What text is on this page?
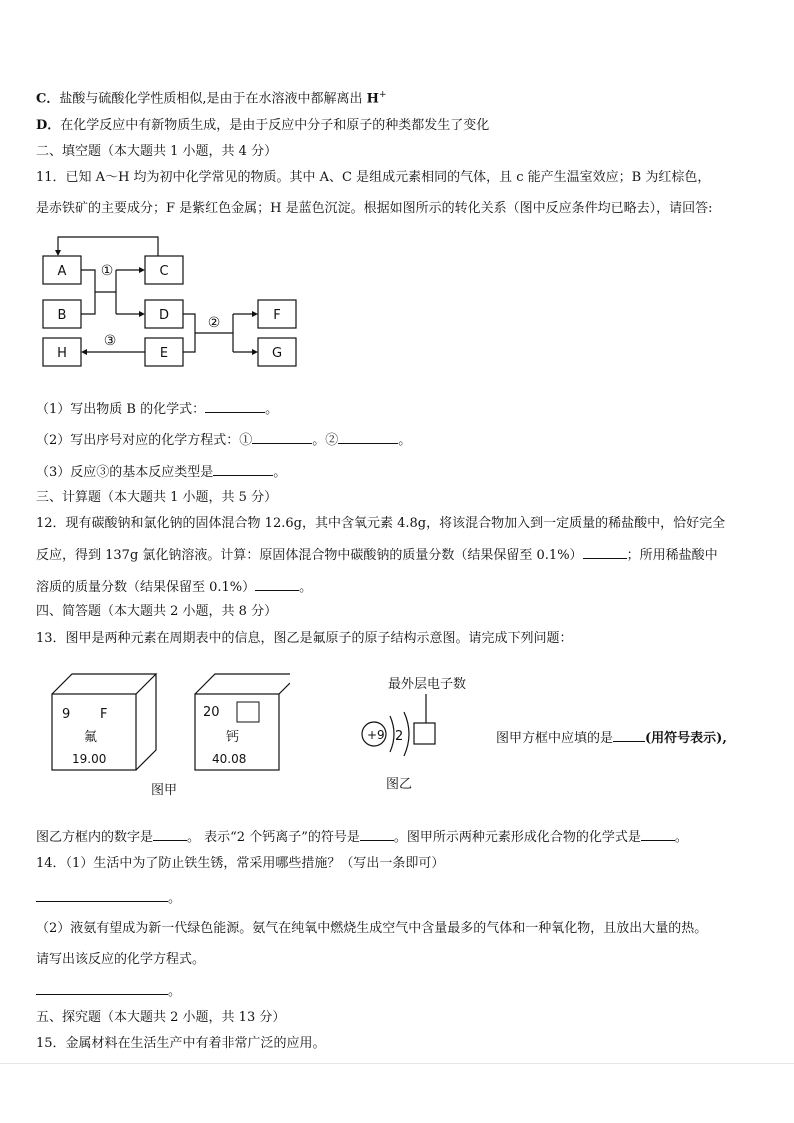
C．盐酸与硫酸化学性质相似,是由于在水溶液中都解离出 H+
D．在化学反应中有新物质生成，是由于反应中分子和原子的种类都发生了变化
二、填空题（本大题共 1 小题，共 4 分）
11．已知 A～H 均为初中化学常见的物质。其中 A、C 是组成元素相同的气体，且 c 能产生温室效应；B 为红棕色，
是赤铁矿的主要成分；F 是紫红色金属；H 是蓝色沉淀。根据如图所示的转化关系（图中反应条件均已略去），请回答:
A	C
B	D	F
H	E	G
①
②
③
（1）写出物质 B 的化学式：	。
（2）写出序号对应的化学方程式：①	。②	。
（3）反应③的基本反应类型是	。
三、计算题（本大题共 1 小题，共 5 分）
12．现有碳酸钠和氯化钠的固体混合物 12.6g，其中含氧元素 4.8g，将该混合物加入到一定质量的稀盐酸中，恰好完全
反应，得到 137g 氯化钠溶液。计算：原固体混合物中碳酸钠的质量分数（结果保留至 0.1%）	；所用稀盐酸中
溶质的质量分数（结果保留至 0.1%）	。
四、简答题（本大题共 2 小题，共 8 分）
13．图甲是两种元素在周期表中的信息，图乙是氟原子的原子结构示意图。请完成下列问题：
9 F
氟
19.00
20
钙
40.08
图甲
最外层电子数
+9 2
图乙
图甲方框中应填的是 (用符号表示),
图乙方框内的数字是	。 表示“2 个钙离子”的符号是	。图甲所示两种元素形成化合物的化学式是	。
14．（1）生活中为了防止铁生锈，常采用哪些措施？（写出一条即可）
。
（2）液氨有望成为新一代绿色能源。氨气在纯氧中燃烧生成空气中含量最多的气体和一种氧化物，且放出大量的热。
请写出该反应的化学方程式。
。
五、探究题（本大题共 2 小题，共 13 分）
15．金属材料在生活生产中有着非常广泛的应用。
